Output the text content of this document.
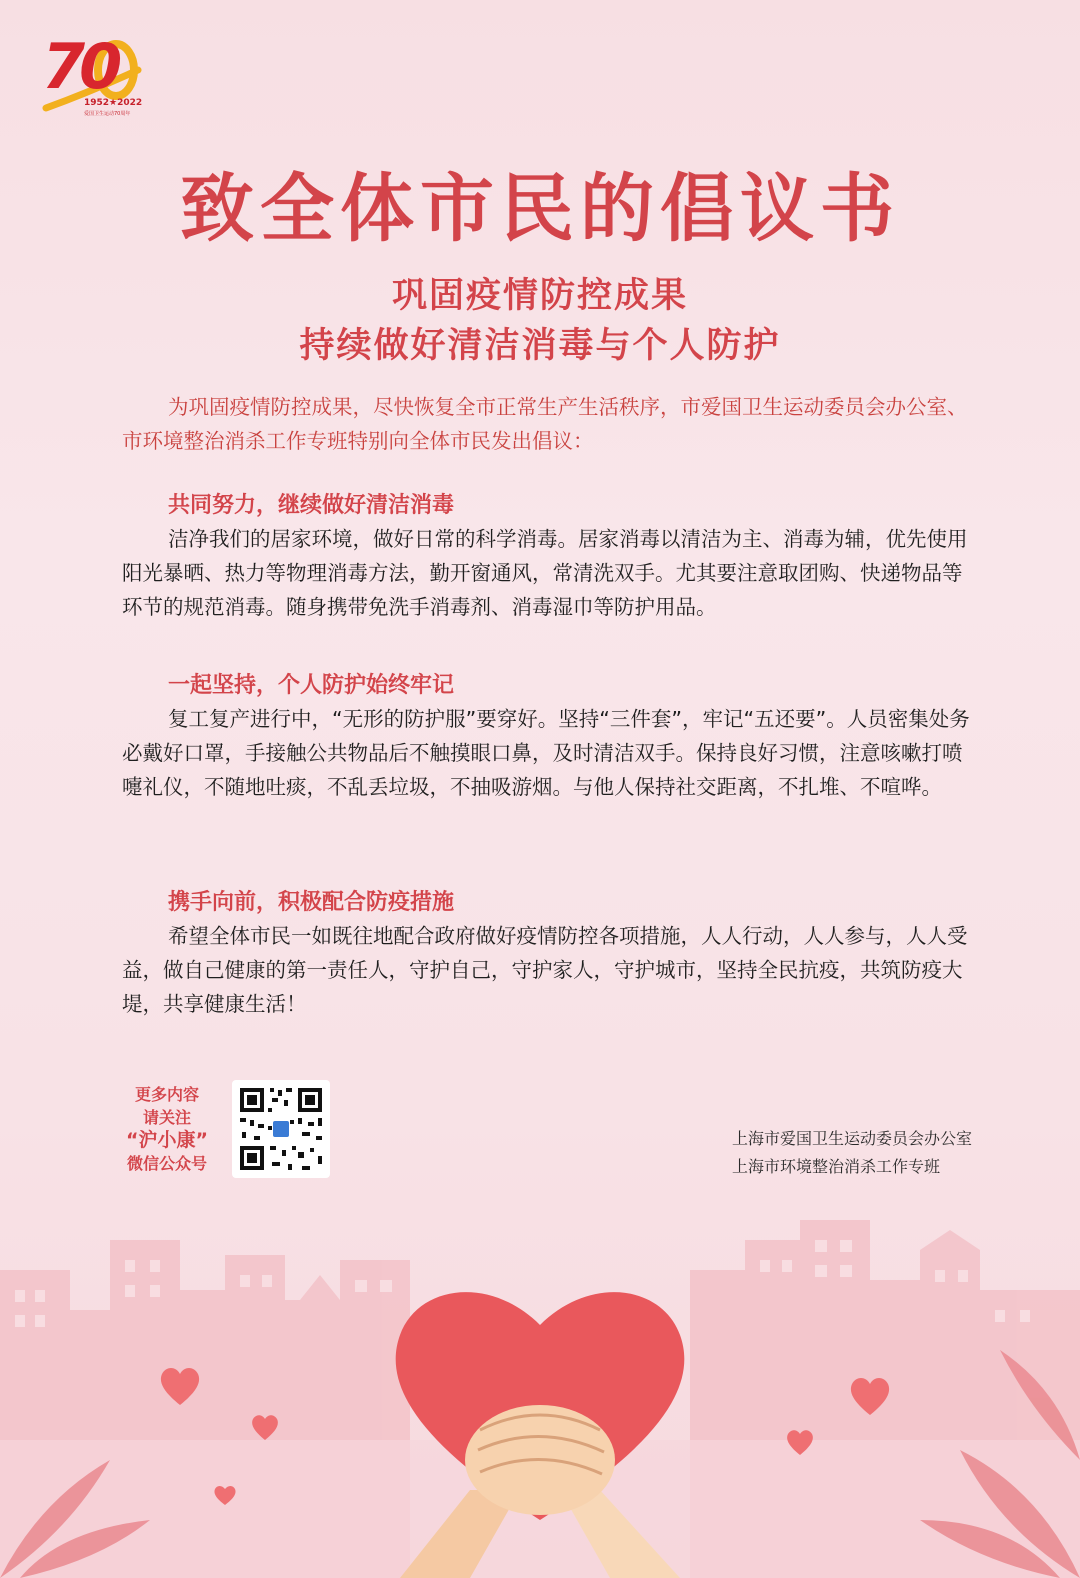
70
1952★2022
爱国卫生运动70周年
致全体市民的倡议书
巩固疫情防控成果
持续做好清洁消毒与个人防护
为巩固疫情防控成果，尽快恢复全市正常生产生活秩序，市爱国卫生运动委员会办公室、市环境整治消杀工作专班特别向全体市民发出倡议：
共同努力，继续做好清洁消毒
洁净我们的居家环境，做好日常的科学消毒。居家消毒以清洁为主、消毒为辅，优先使用阳光暴晒、热力等物理消毒方法，勤开窗通风，常清洗双手。尤其要注意取团购、快递物品等环节的规范消毒。随身携带免洗手消毒剂、消毒湿巾等防护用品。
一起坚持，个人防护始终牢记
复工复产进行中，“无形的防护服”要穿好。坚持“三件套”，牢记“五还要”。人员密集处务必戴好口罩，手接触公共物品后不触摸眼口鼻，及时清洁双手。保持良好习惯，注意咳嗽打喷嚏礼仪，不随地吐痰，不乱丢垃圾，不抽吸游烟。与他人保持社交距离，不扎堆、不喧哗。
携手向前，积极配合防疫措施
希望全体市民一如既往地配合政府做好疫情防控各项措施，人人行动，人人参与，人人受益，做自己健康的第一责任人，守护自己，守护家人，守护城市，坚持全民抗疫，共筑防疫大堤，共享健康生活！
更多内容
请关注
“沪小康”
微信公众号
上海市爱国卫生运动委员会办公室
上海市环境整治消杀工作专班
